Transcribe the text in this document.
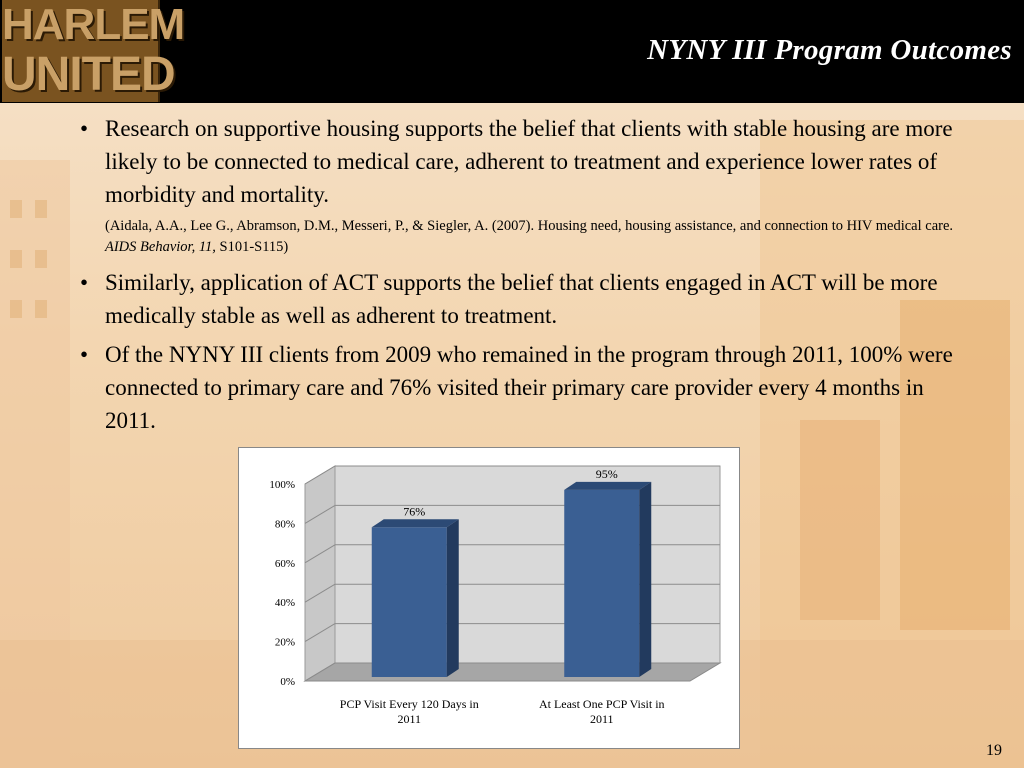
HARLEM
UNITED	NYNY III Program Outcomes
• Research on supportive housing supports the belief that clients with stable housing are more likely to be connected to medical care, adherent to treatment and experience lower rates of morbidity and mortality.
(Aidala, A.A., Lee G., Abramson, D.M., Messeri, P., & Siegler, A. (2007). Housing need, housing assistance, and connection to HIV medical care. AIDS Behavior, 11, S101-S115)
• Similarly, application of ACT supports the belief that clients engaged in ACT will be more medically stable as well as adherent to treatment.
• Of the NYNY III clients from 2009 who remained in the program through 2011, 100% were connected to primary care and 76% visited their primary care provider every 4 months in 2011.
0%
20%
40%
60%
80%
100%
76%
PCP Visit Every 120 Days in
2011
95%
At Least One PCP Visit in
2011
19
